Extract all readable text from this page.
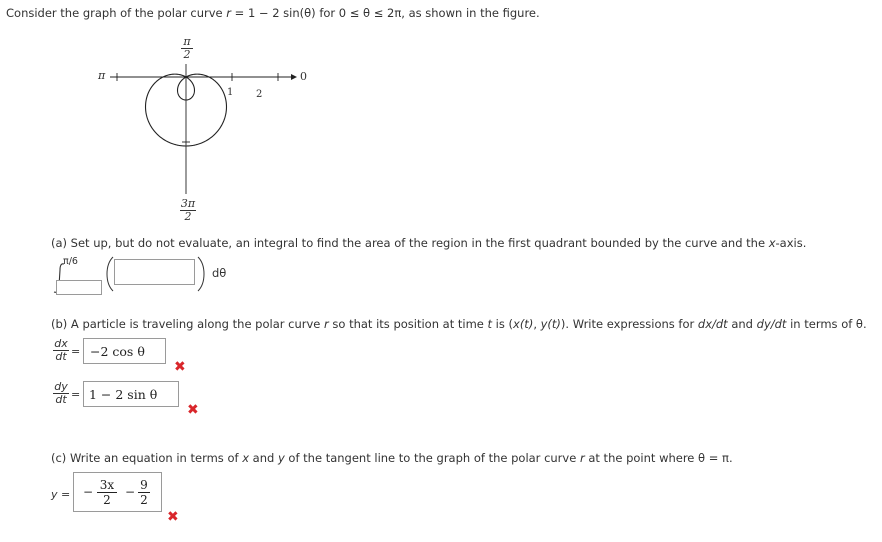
Consider the graph of the polar curve r = 1 − 2 sin(θ) for 0 ≤ θ ≤ 2π, as shown in the figure.
$\frac{\pi}{2}$
π	0
1 2
$\frac{3\pi}{2}$
(a) Set up, but do not evaluate, an integral to find the area of the region in the first quadrant bounded by the curve and the x-axis.
π/6
dθ
(b) A particle is traveling along the polar curve r so that its position at time t is (x(t), y(t)). Write expressions for dx/dt and dy/dt in terms of θ.
$\frac{dx}{dt} = -2$ cos θ
✖
$\frac{dy}{dt} = 1 - 2$ sin θ
✖
(c) Write an equation in terms of x and y of the tangent line to the graph of the polar curve r at the point where θ = π.
y = − $\frac{3x}{2} - \frac{9}{2}$
✖
